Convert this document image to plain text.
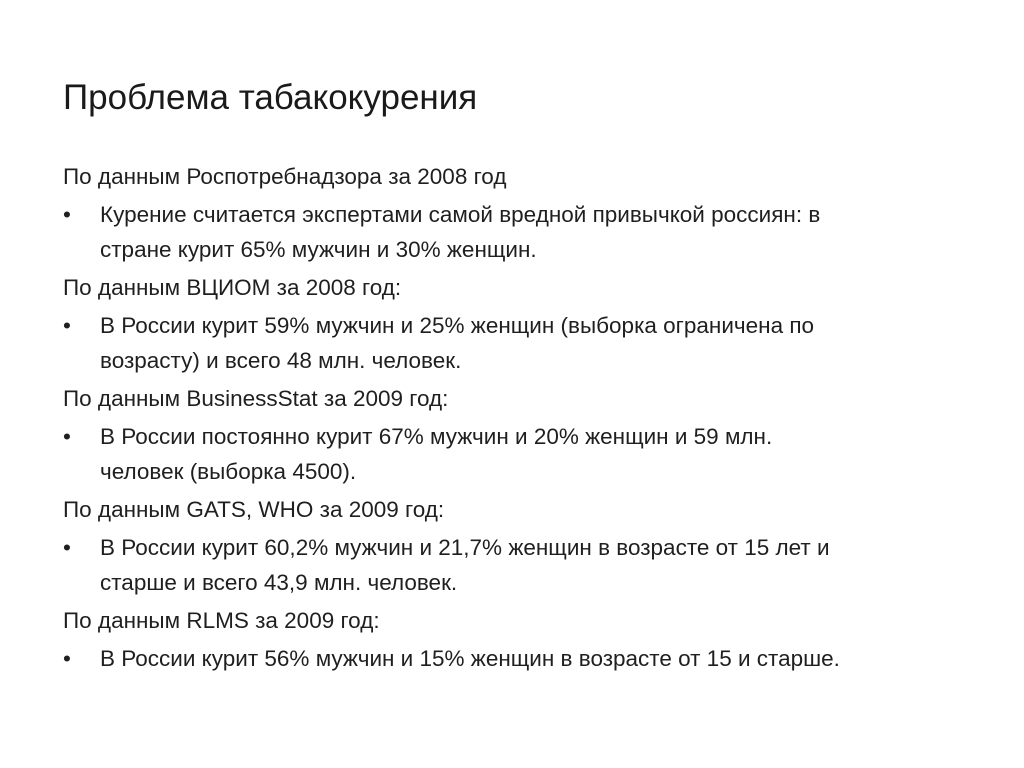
Проблема табакокурения

По данным Роспотребнадзора за 2008 год

•	Курение считается экспертами самой вредной привычкой россиян: в
стране курит 65% мужчин и 30% женщин.

По данным ВЦИОМ за 2008 год:

•	В России курит 59% мужчин и 25% женщин (выборка ограничена по
возрасту) и всего 48 млн. человек.

По данным BusinessStat за 2009 год:

•	В России постоянно курит 67% мужчин и 20% женщин и 59 млн.
человек (выборка 4500).

По данным GATS, WHO за 2009 год:

•	В России курит 60,2% мужчин и 21,7% женщин в возрасте от 15 лет и
старше и всего 43,9 млн. человек.

По данным RLMS за 2009 год:

•	В России курит 56% мужчин и 15% женщин в возрасте от 15 и старше.
